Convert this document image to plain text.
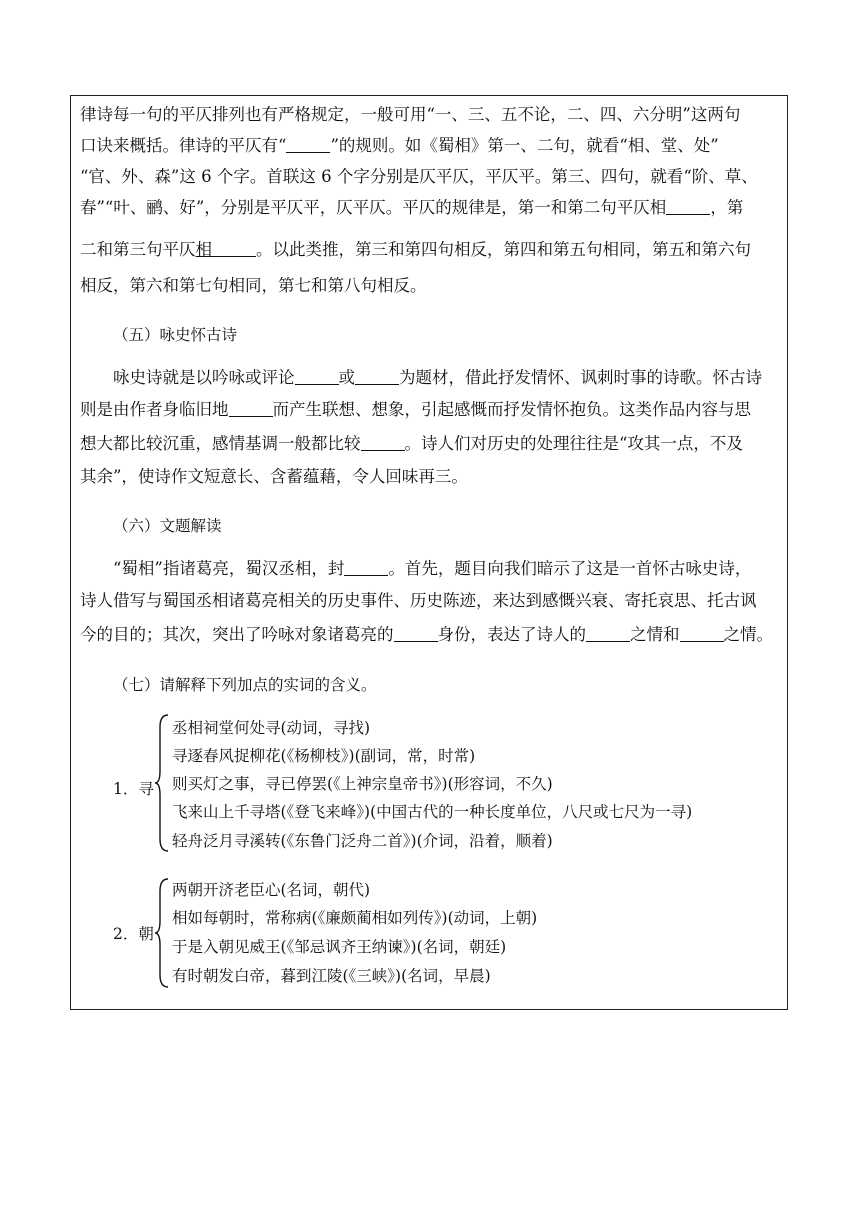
律诗每一句的平仄排列也有严格规定，一般可用“一、三、五不论，二、四、六分明”这两句
口诀来概括。律诗的平仄有“	”的规则。如《蜀相》第一、二句，就看“相、堂、处”
“官、外、森”这 6 个字。首联这 6 个字分别是仄平仄，平仄平。第三、四句，就看“阶、草、
春”“叶、鹂、好”，分别是平仄平，仄平仄。平仄的规律是，第一和第二句平仄相	，第
二和第三句平仄相	。以此类推，第三和第四句相反，第四和第五句相同，第五和第六句
相反，第六和第七句相同，第七和第八句相反。
（五）咏史怀古诗
咏史诗就是以吟咏或评论	或	为题材，借此抒发情怀、讽刺时事的诗歌。怀古诗
则是由作者身临旧地	而产生联想、想象，引起感慨而抒发情怀抱负。这类作品内容与思
想大都比较沉重，感情基调一般都比较	。诗人们对历史的处理往往是“攻其一点，不及
其余”，使诗作文短意长、含蓄蕴藉，令人回味再三。
（六）文题解读
“蜀相”指诸葛亮，蜀汉丞相，封	。首先，题目向我们暗示了这是一首怀古咏史诗，
诗人借写与蜀国丞相诸葛亮相关的历史事件、历史陈迹，来达到感慨兴衰、寄托哀思、托古讽
今的目的；其次，突出了吟咏对象诸葛亮的	身份，表达了诗人的	之情和	之情。
（七）请解释下列加点的实词的含义。
1．寻
丞相祠堂何处寻(动词，寻找)
寻逐春风捉柳花(《杨柳枝》)(副词，常，时常)
则买灯之事，寻已停罢(《上神宗皇帝书》)(形容词，不久)
飞来山上千寻塔(《登飞来峰》)(中国古代的一种长度单位，八尺或七尺为一寻)
轻舟泛月寻溪转(《东鲁门泛舟二首》)(介词，沿着，顺着)
2．朝
两朝开济老臣心(名词，朝代)
相如每朝时，常称病(《廉颇蔺相如列传》)(动词，上朝)
于是入朝见威王(《邹忌讽齐王纳谏》)(名词，朝廷)
有时朝发白帝，暮到江陵(《三峡》)(名词，早晨)
